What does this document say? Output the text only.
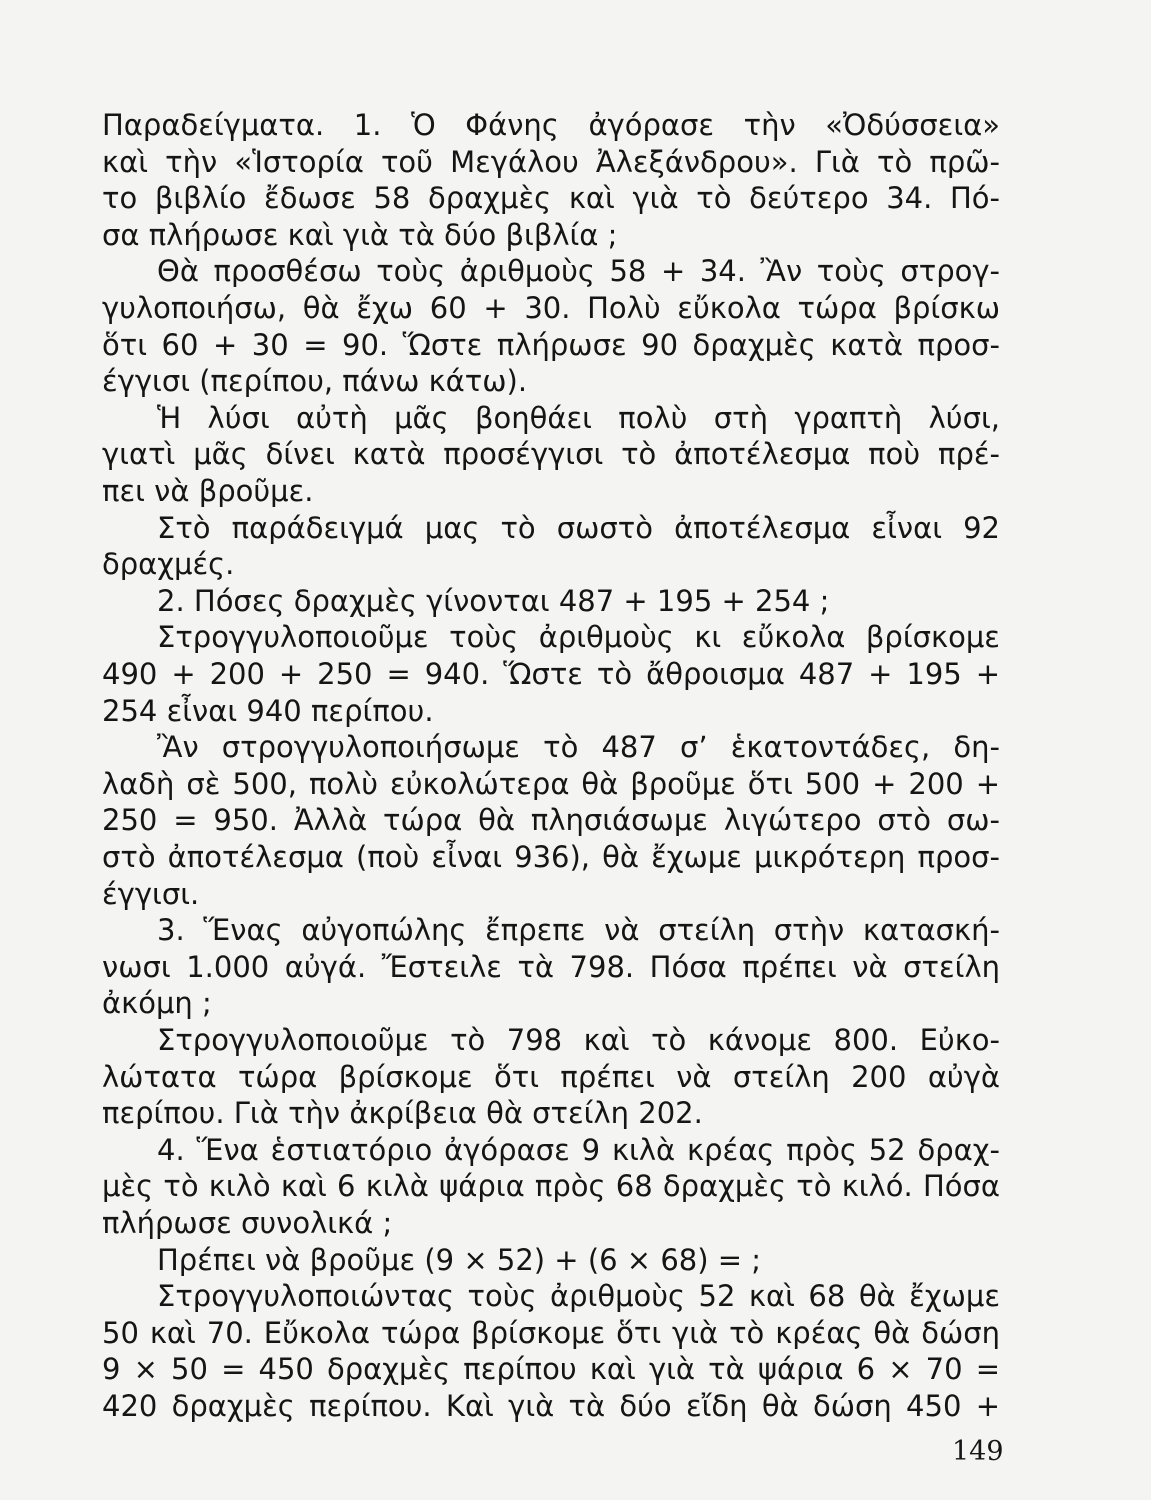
Παραδείγματα. 1. Ὁ Φάνης ἀγόρασε τὴν «Ὀδύσσεια»
καὶ τὴν «Ἱστορία τοῦ Μεγάλου Ἀλεξάνδρου». Γιὰ τὸ πρῶ-
το βιβλίο ἔδωσε 58 δραχμὲς καὶ γιὰ τὸ δεύτερο 34. Πό-
σα πλήρωσε καὶ γιὰ τὰ δύο βιβλία ;
Θὰ προσθέσω τοὺς ἀριθμοὺς 58 + 34. Ἂν τοὺς στρογ-
γυλοποιήσω, θὰ ἔχω 60 + 30. Πολὺ εὔκολα τώρα βρίσκω
ὅτι 60 + 30 = 90. Ὥστε πλήρωσε 90 δραχμὲς κατὰ προσ-
έγγισι (περίπου, πάνω κάτω).
Ἡ λύσι αὐτὴ μᾶς βοηθάει πολὺ στὴ γραπτὴ λύσι,
γιατὶ μᾶς δίνει κατὰ προσέγγισι τὸ ἀποτέλεσμα ποὺ πρέ-
πει νὰ βροῦμε.
Στὸ παράδειγμά μας τὸ σωστὸ ἀποτέλεσμα εἶναι 92
δραχμές.
2. Πόσες δραχμὲς γίνονται 487 + 195 + 254 ;
Στρογγυλοποιοῦμε τοὺς ἀριθμοὺς κι εὔκολα βρίσκομε
490 + 200 + 250 = 940. Ὥστε τὸ ἄθροισμα 487 + 195 +
254 εἶναι 940 περίπου.
Ἂν στρογγυλοποιήσωμε τὸ 487 σ’ ἑκατοντάδες, δη-
λαδὴ σὲ 500, πολὺ εὐκολώτερα θὰ βροῦμε ὅτι 500 + 200 +
250 = 950. Ἀλλὰ τώρα θὰ πλησιάσωμε λιγώτερο στὸ σω-
στὸ ἀποτέλεσμα (ποὺ εἶναι 936), θὰ ἔχωμε μικρότερη προσ-
έγγισι.
3. Ἕνας αὐγοπώλης ἔπρεπε νὰ στείλη στὴν κατασκή-
νωσι 1.000 αὐγά. Ἔστειλε τὰ 798. Πόσα πρέπει νὰ στείλη
ἀκόμη ;
Στρογγυλοποιοῦμε τὸ 798 καὶ τὸ κάνομε 800. Εὐκο-
λώτατα τώρα βρίσκομε ὅτι πρέπει νὰ στείλη 200 αὐγὰ
περίπου. Γιὰ τὴν ἀκρίβεια θὰ στείλη 202.
4. Ἕνα ἑστιατόριο ἀγόρασε 9 κιλὰ κρέας πρὸς 52 δραχ-
μὲς τὸ κιλὸ καὶ 6 κιλὰ ψάρια πρὸς 68 δραχμὲς τὸ κιλό. Πόσα
πλήρωσε συνολικά ;
Πρέπει νὰ βροῦμε (9 × 52) + (6 × 68) = ;
Στρογγυλοποιώντας τοὺς ἀριθμοὺς 52 καὶ 68 θὰ ἔχωμε
50 καὶ 70. Εὔκολα τώρα βρίσκομε ὅτι γιὰ τὸ κρέας θὰ δώση
9 × 50 = 450 δραχμὲς περίπου καὶ γιὰ τὰ ψάρια 6 × 70 =
420 δραχμὲς περίπου. Καὶ γιὰ τὰ δύο εἴδη θὰ δώση 450 +
149
